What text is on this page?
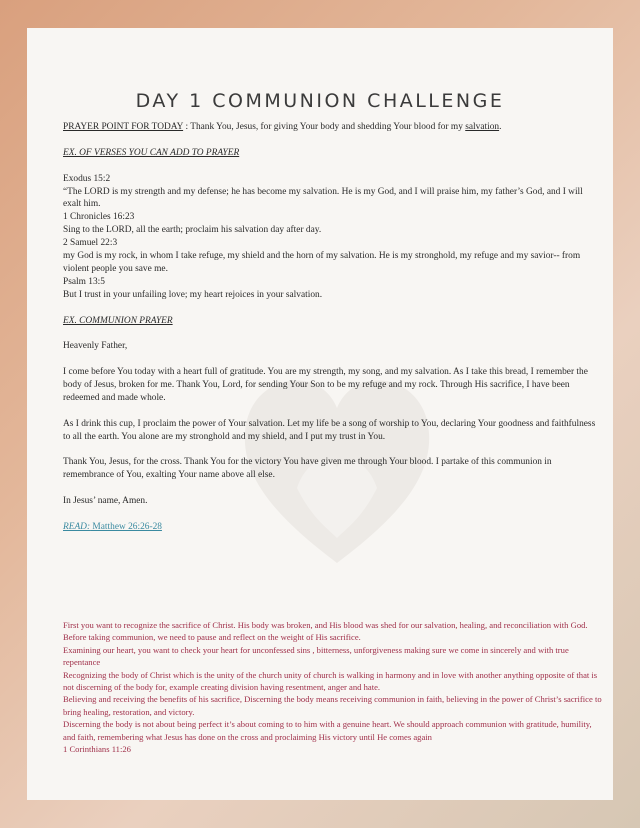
DAY 1 COMMUNION CHALLENGE

PRAYER POINT FOR TODAY : Thank You, Jesus, for giving Your body and shedding Your blood for my salvation.

EX. OF VERSES YOU CAN ADD TO PRAYER

Exodus 15:2

“The LORD is my strength and my defense; he has become my salvation. He is my God, and I will praise him, my father’s God, and I will exalt him.

1 Chronicles 16:23

Sing to the LORD, all the earth; proclaim his salvation day after day.

2 Samuel 22:3

my God is my rock, in whom I take refuge, my shield and the horn of my salvation. He is my stronghold, my refuge and my savior-- from violent people you save me.

Psalm 13:5

But I trust in your unfailing love; my heart rejoices in your salvation.

EX. COMMUNION PRAYER

Heavenly Father,

I come before You today with a heart full of gratitude. You are my strength, my song, and my salvation. As I take this bread, I remember the body of Jesus, broken for me. Thank You, Lord, for sending Your Son to be my refuge and my rock. Through His sacrifice, I have been redeemed and made whole.

As I drink this cup, I proclaim the power of Your salvation. Let my life be a song of worship to You, declaring Your goodness and faithfulness to all the earth. You alone are my stronghold and my shield, and I put my trust in You.

Thank You, Jesus, for the cross. Thank You for the victory You have given me through Your blood. I partake of this communion in remembrance of You, exalting Your name above all else.

In Jesus’ name, Amen.

READ: Matthew 26:26-28

First you want to recognize the sacrifice of Christ. His body was broken, and His blood was shed for our salvation, healing, and reconciliation with God. Before taking communion, we need to pause and reflect on the weight of His sacrifice.

Examining our heart, you want to check your heart for unconfessed sins , bitterness, unforgiveness making sure we come in sincerely and with true repentance

Recognizing the body of Christ which is the unity of the church unity of church is walking in harmony and in love with another anything opposite of that is not discerning of the body for, example creating division having resentment, anger and hate.

Believing and receiving the benefits of his sacrifice, Discerning the body means receiving communion in faith, believing in the power of Christ’s sacrifice to bring healing, restoration, and victory.

Discerning the body is not about being perfect it’s about coming to to him with a genuine heart. We should approach communion with gratitude, humility, and faith, remembering what Jesus has done on the cross and proclaiming His victory until He comes again

1 Corinthians 11:26
